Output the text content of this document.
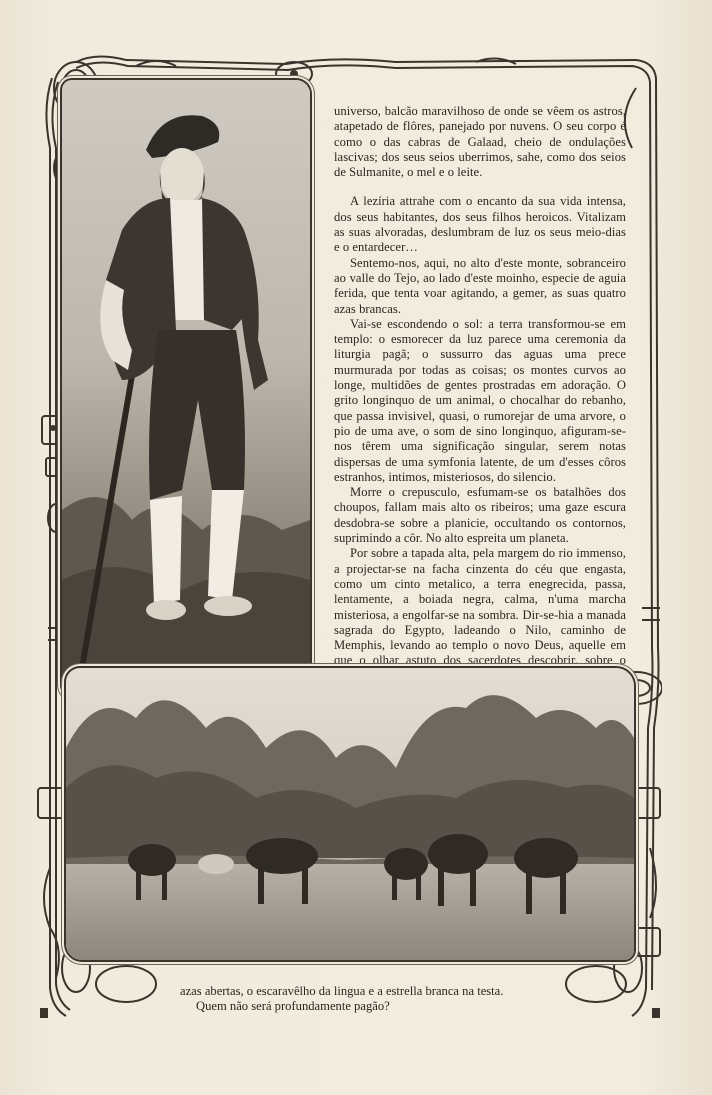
universo, balcão maravilhoso de onde se vêem os astros, atapetado de flôres, panejado por nuvens. O seu corpo é como o das cabras de Galaad, cheio de ondulações lascivas; dos seus seios uberrimos, sahe, como dos seios de Sulmanite, o mel e o leite.

A lezíria attrahe com o encanto da sua vida intensa, dos seus habitantes, dos seus filhos heroicos. Vitalizam as suas alvoradas, deslumbram de luz os seus meio-dias e o entardecer…

Sentemo-nos, aqui, no alto d'este monte, sobranceiro ao valle do Tejo, ao lado d'este moinho, especie de aguia ferida, que tenta voar agitando, a gemer, as suas quatro azas brancas.

Vai-se escondendo o sol: a terra transformou-se em templo: o esmorecer da luz parece uma ceremonia da liturgia pagã; o sussurro das aguas uma prece murmurada por todas as coisas; os montes curvos ao longe, multidões de gentes prostradas em adoração. O grito longinquo de um animal, o chocalhar do rebanho, que passa invisivel, quasi, o rumorejar de uma arvore, o pio de uma ave, o som de sino longinquo, afiguram-se-nos têrem uma significação singular, serem notas dispersas de uma symfonia latente, de um d'esses côros estranhos, intimos, misteriosos, do silencio.

Morre o crepusculo, esfumam-se os batalhões dos choupos, fallam mais alto os ribeiros; uma gaze escura desdobra-se sobre a planicie, occultando os contornos, suprimindo a côr. No alto espreita um planeta.

Por sobre a tapada alta, pela margem do rio immenso, a projectar-se na facha cinzenta do céu que engasta, como um cinto metalico, a terra enegrecida, passa, lentamente, a boiada negra, calma, n'uma marcha misteriosa, a engolfar-se na sombra. Dir-se-hia a manada sagrada do Egypto, ladeando o Nilo, caminho de Memphis, levando ao templo o novo Deus, aquelle em que o olhar astuto dos sacerdotes descobrir, sobre o

azas abertas, o escaravêlho da lingua e a estrella branca na testa.

Quem não será profundamente pagão?
